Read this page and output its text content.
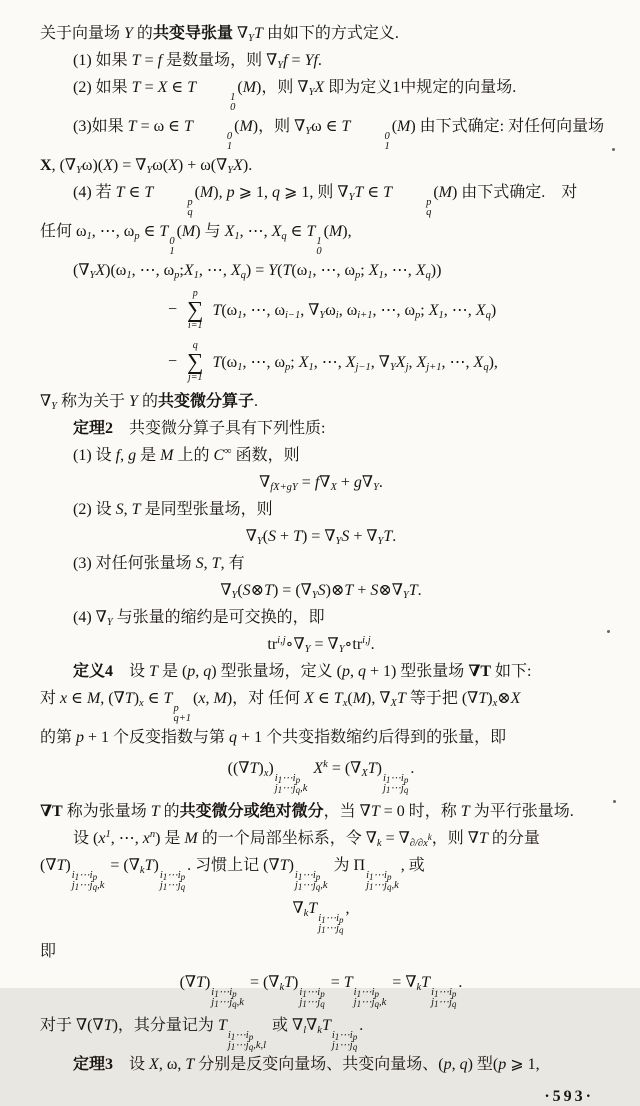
关于向量场 Y 的共变导张量 $\nabla_YT$ 由如下的方式定义.
(1) 如果 T = f 是数量场，则 $\nabla_Yf = Yf$.
(2) 如果 T = X ∈ T
1
0
(M)，则 $\nabla_YX$ 即为定义1中规定的向量场.
(3)如果 T = ω ∈ T
0
1
(M)，则 $\nabla_Y\omega$ ∈ T
0
1
(M) 由下式确定: 对任何向量场
X, $(\nabla_Y\omega)(X) = \nabla_Y\omega(X) + \omega(\nabla_YX)$.
(4) 若 T ∈ T
p
q
(M), p ⩾ 1, q ⩾ 1, 则 $\nabla_YT$ ∈ T
p
q
(M) 由下式确定.　对
任何 $\omega_1$, ⋯, $\omega_p$ ∈ T
0
1
(M) 与 $X_1$, ⋯, $X_q$ ∈ T
1
0
(M),
$(\nabla_YX)(\omega_1$, ⋯, $\omega_p;X_1$, ⋯, $X_q) = Y(T(\omega_1$, ⋯, $\omega_p$; $X_1$, ⋯, $X_q$))
−
p
∑
i=1
$T(\omega_1$, ⋯, $\omega_{i-1}$, $\nabla_Y\omega_i$, $\omega_{i+1}$, ⋯, $\omega_p$; $X_1$, ⋯, $X_q$)
−
q
∑
j=1
$T(\omega_1$, ⋯, $\omega_p$; $X_1$, ⋯, $X_{j-1}$, $\nabla_YX_j$, $X_{j+1}$, ⋯, $X_q$),
$\nabla_Y$ 称为关于 Y 的共变微分算子.
定理2　共变微分算子具有下列性质:
(1) 设 f, g 是 M 上的 C∞ 函数，则
$\nabla_{fX+gY} = f\nabla_X + g\nabla_Y$.
(2) 设 S, T 是同型张量场，则
$\nabla_Y(S + T) = \nabla_YS + \nabla_YT$.
(3) 对任何张量场 S, T, 有
$\nabla_Y(S\otimes T)$ = $(\nabla_YS)\otimes T$ + $S\otimes\nabla_YT$.
(4) $\nabla_Y$ 与张量的缩约是可交换的，即
$tr^{i,j}\circ\nabla_Y$ = $\nabla_Y\circ tr^{i,j}$.
定义4　设 T 是 (p, q) 型张量场，定义 (p, q + 1) 型张量场 ∇T 如下:
对 x ∈ M, $(\nabla T)_x$ ∈ T
p
q+1
(x, M)，对 任何 X ∈ $T_x(M)$, $\nabla_XT$ 等于把 $(\nabla T)_x\otimes X$
的第 p + 1 个反变指数与第 q + 1 个共变指数缩约后得到的张量，即
$((\nabla T)_x)$
$i_1\cdots i_p$
$j_1\cdots j_q,k$
$X^k = (\nabla_XT)$
$i_1\cdots i_p$
$j_1\cdots j_q$
.
∇T 称为张量场 T 的共变微分或绝对微分，当 ∇T = 0 时，称 T 为平行张量场.
设 ($x^1$, ⋯, $x^n$) 是 M 的一个局部坐标系，令 $\nabla_k = \nabla_{\partial/\partial x^k}$，则 ∇T 的分量
(∇T)
$i_1\cdots i_p$
$j_1\cdots j_q,k$
= $(\nabla_kT)$
$i_1\cdots i_p$
$j_1\cdots j_q$
. 习惯上记 (∇T)
$i_1\cdots i_p$
$j_1\cdots j_q,k$
为 Π
$i_1\cdots i_p$
$j_1\cdots j_q,k$
, 或
$\nabla_kT$
$i_1\cdots i_p$
$j_1\cdots j_q$
,
即
(∇T)
$i_1\cdots i_p$
$j_1\cdots j_q,k$
= $(\nabla_kT)$
$i_1\cdots i_p$
$j_1\cdots j_q$
= T
$i_1\cdots i_p$
$j_1\cdots j_q,k$
= $\nabla_kT$
$i_1\cdots i_p$
$j_1\cdots j_q$
.
对于 ∇(∇T)，其分量记为 T
$i_1\cdots i_p$
$j_1\cdots j_q,k,l$
或 $\nabla_l\nabla_kT$
$i_1\cdots i_p$
$j_1\cdots j_q$
.
定理3　设 X, ω, T 分别是反变向量场、共变向量场、(p, q) 型(p ⩾ 1,
·593·
